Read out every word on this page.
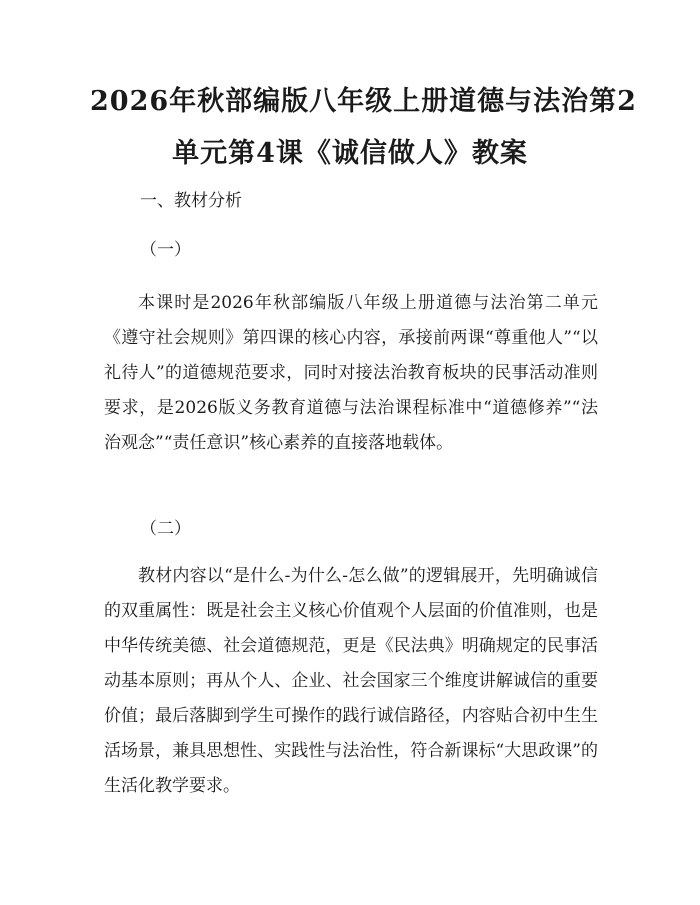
2026年秋部编版八年级上册道德与法治第2
单元第4课《诚信做人》教案

一、教材分析

（一）

本课时是2026年秋部编版八年级上册道德与法治第二单元《遵守社会规则》第四课的核心内容，承接前两课“尊重他人”“以礼待人”的道德规范要求，同时对接法治教育板块的民事活动准则要求，是2026版义务教育道德与法治课程标准中“道德修养”“法治观念”“责任意识”核心素养的直接落地载体。

（二）

教材内容以“是什么-为什么-怎么做”的逻辑展开，先明确诚信的双重属性：既是社会主义核心价值观个人层面的价值准则，也是中华传统美德、社会道德规范，更是《民法典》明确规定的民事活动基本原则；再从个人、企业、社会国家三个维度讲解诚信的重要价值；最后落脚到学生可操作的践行诚信路径，内容贴合初中生生活场景，兼具思想性、实践性与法治性，符合新课标“大思政课”的生活化教学要求。
